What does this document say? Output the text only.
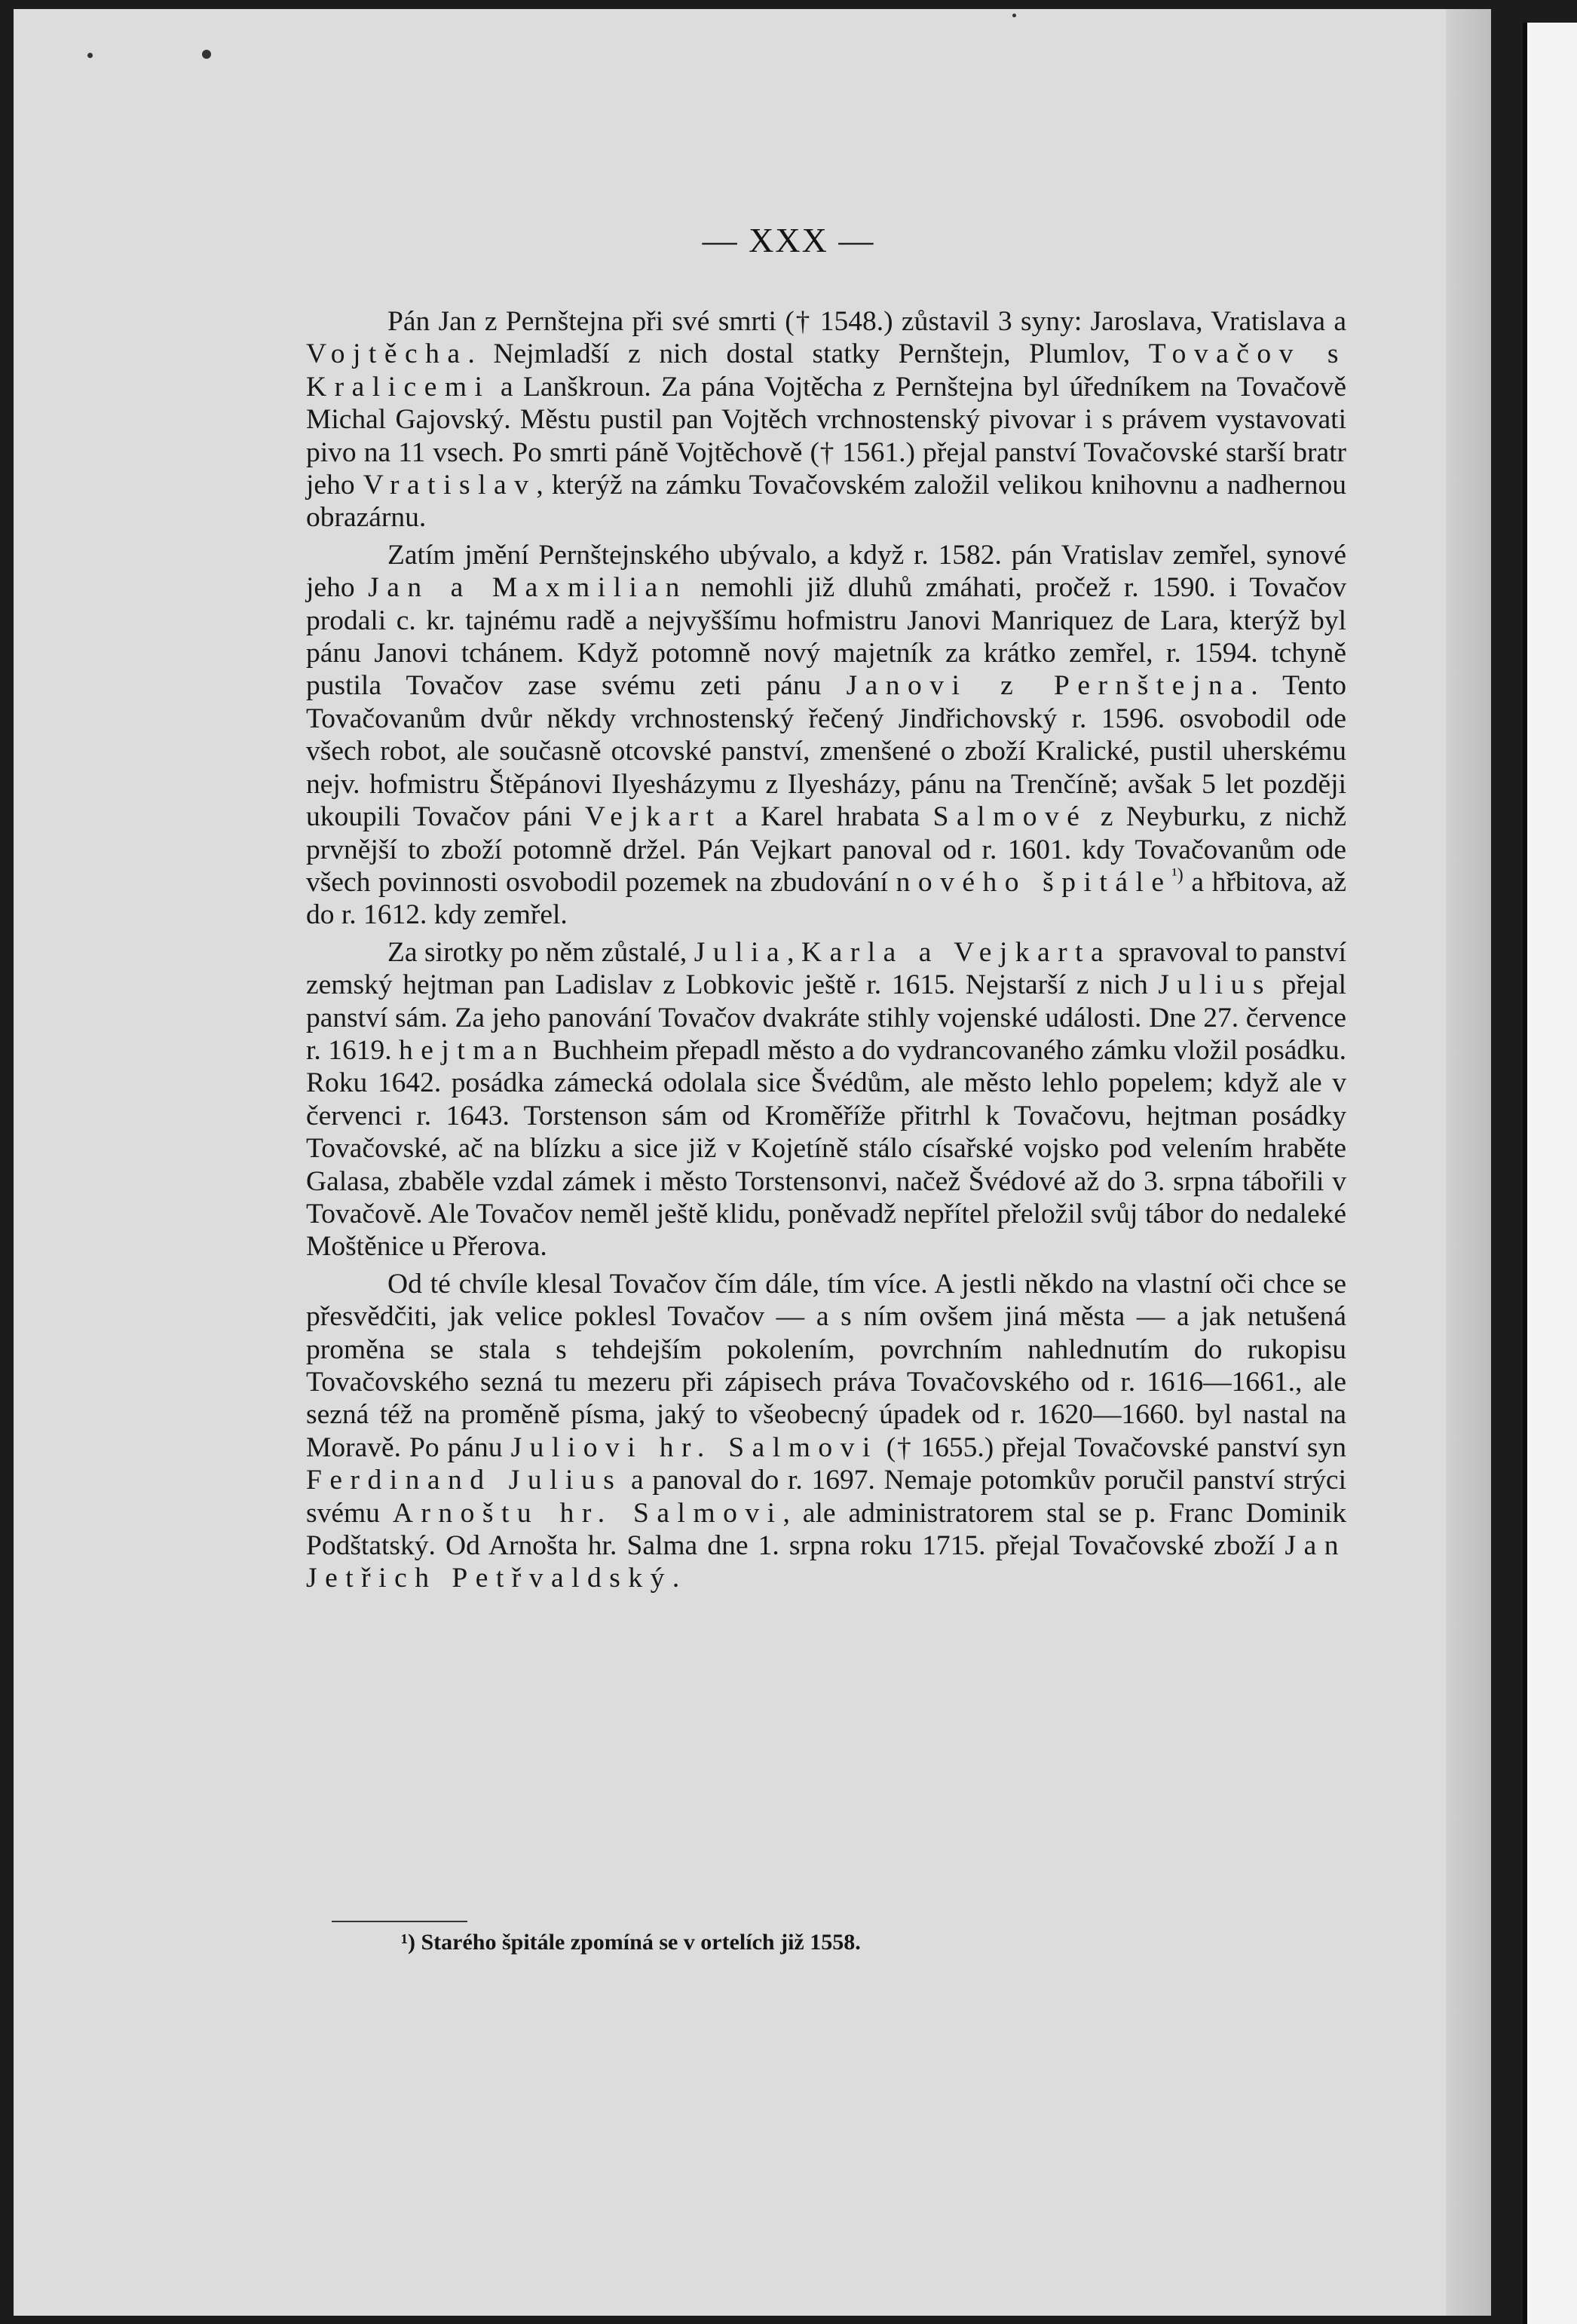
— XXX —

Pán Jan z Pernštejna při své smrti († 1548.) zůstavil 3 syny: Jaroslava, Vratislava a Vojtěcha. Nejmladší z nich dostal statky Pernštejn, Plumlov, Tovačov s Kralicemi a Lanškroun. Za pána Vojtěcha z Pernštejna byl úředníkem na Tovačově Michal Gajovský. Městu pustil pan Vojtěch vrchnostenský pivovar i s právem vystavovati pivo na 11 vsech. Po smrti páně Vojtěchově († 1561.) přejal panství Tovačovské starší bratr jeho Vratislav, kterýž na zámku Tovačovském založil velikou knihovnu a nadhernou obrazárnu.

Zatím jmění Pernštejnského ubývalo, a když r. 1582. pán Vratislav zemřel, synové jeho Jan a Maxmilian nemohli již dluhů zmáhati, pročež r. 1590. i Tovačov prodali c. kr. tajnému radě a nejvyššímu hofmistru Janovi Manriquez de Lara, kterýž byl pánu Janovi tchánem. Když potomně nový majetník za krátko zemřel, r. 1594. tchyně pustila Tovačov zase svému zeti pánu Janovi z Pernštejna. Tento Tovačovanům dvůr někdy vrchnostenský řečený Jindřichovský r. 1596. osvobodil ode všech robot, ale současně otcovské panství, zmenšené o zboží Kralické, pustil uherskému nejv. hofmistru Štěpánovi Ilyesházymu z Ilyesházy, pánu na Trenčíně; avšak 5 let později ukoupili Tovačov páni Vejkart a Karel hrabata Salmové z Neyburku, z nichž prvnější to zboží potomně držel. Pán Vejkart panoval od r. 1601. kdy Tovačovanům ode všech povinnosti osvobodil pozemek na zbudování nového špitále$^{^1)}$ a hřbitova, až do r. 1612. kdy zemřel.

Za sirotky po něm zůstalé, Julia, Karla a Vejkarta spravoval to panství zemský hejtman pan Ladislav z Lobkovic ještě r. 1615. Nejstarší z nich Julius přejal panství sám. Za jeho panování Tovačov dvakráte stihly vojenské události. Dne 27. července r. 1619. hejtman Buchheim přepadl město a do vydrancovaného zámku vložil posádku. Roku 1642. posádka zámecká odolala sice Švédům, ale město lehlo popelem; když ale v červenci r. 1643. Torstenson sám od Kroměříže přitrhl k Tovačovu, hejtman posádky Tovačovské, ač na blízku a sice již v Kojetíně stálo císařské vojsko pod velením hraběte Galasa, zbaběle vzdal zámek i město Torstensonvi, načež Švédové až do 3. srpna tábořili v Tovačově. Ale Tovačov neměl ještě klidu, poněvadž nepřítel přeložil svůj tábor do nedaleké Moštěnice u Přerova.

Od té chvíle klesal Tovačov čím dále, tím více. A jestli někdo na vlastní oči chce se přesvědčiti, jak velice poklesl Tovačov — a s ním ovšem jiná města — a jak netušená proměna se stala s tehdejším pokolením, povrchním nahlednutím do rukopisu Tovačovského sezná tu mezeru při zápisech práva Tovačovského od r. 1616—1661., ale sezná též na proměně písma, jaký to všeobecný úpadek od r. 1620—1660. byl nastal na Moravě. Po pánu Juliovi hr. Salmovi († 1655.) přejal Tovačovské panství syn Ferdinand Julius a panoval do r. 1697. Nemaje potomkův poručil panství strýci svému Arnoštu hr. Salmovi, ale administratorem stal se p. Franc Dominik Podštatský. Od Arnošta hr. Salma dne 1. srpna roku 1715. přejal Tovačovské zboží Jan Jetřich Petřvaldský.

¹) Starého špitále zpomíná se v ortelích již 1558.
